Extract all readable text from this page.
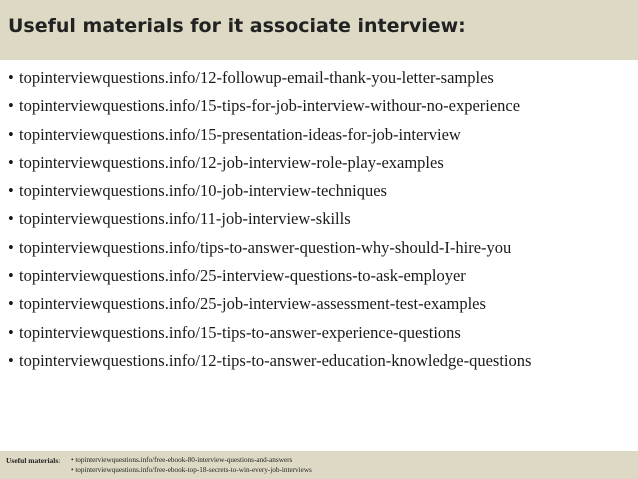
Useful materials for it associate interview:
• topinterviewquestions.info/12-followup-email-thank-you-letter-samples
• topinterviewquestions.info/15-tips-for-job-interview-withour-no-experience
• topinterviewquestions.info/15-presentation-ideas-for-job-interview
• topinterviewquestions.info/12-job-interview-role-play-examples
• topinterviewquestions.info/10-job-interview-techniques
• topinterviewquestions.info/11-job-interview-skills
• topinterviewquestions.info/tips-to-answer-question-why-should-I-hire-you
• topinterviewquestions.info/25-interview-questions-to-ask-employer
• topinterviewquestions.info/25-job-interview-assessment-test-examples
• topinterviewquestions.info/15-tips-to-answer-experience-questions
• topinterviewquestions.info/12-tips-to-answer-education-knowledge-questions
Useful materials: • topinterviewquestions.info/free-ebook-80-interview-questions-and-answers
• topinterviewquestions.info/free-ebook-top-18-secrets-to-win-every-job-interviews
